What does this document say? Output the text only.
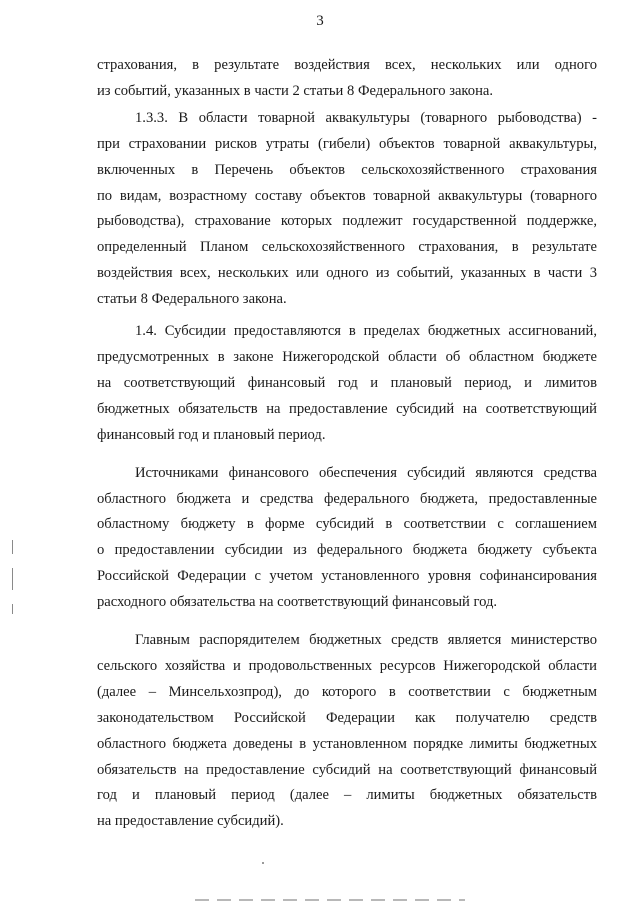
3

страхования, в результате воздействия всех, нескольких или одного
из событий, указанных в части 2 статьи 8 Федерального закона.

1.3.3. В области товарной аквакультуры (товарного рыбоводства) -
при страховании рисков утраты (гибели) объектов товарной аквакультуры,
включенных в Перечень объектов сельскохозяйственного страхования
по видам, возрастному составу объектов товарной аквакультуры (товарного
рыбоводства), страхование которых подлежит государственной поддержке,
определенный Планом сельскохозяйственного страхования, в результате
воздействия всех, нескольких или одного из событий, указанных в части 3
статьи 8 Федерального закона.

1.4. Субсидии предоставляются в пределах бюджетных ассигнований,
предусмотренных в законе Нижегородской области об областном бюджете
на соответствующий финансовый год и плановый период, и лимитов
бюджетных обязательств на предоставление субсидий на соответствующий
финансовый год и плановый период.

Источниками финансового обеспечения субсидий являются средства
областного бюджета и средства федерального бюджета, предоставленные
областному бюджету в форме субсидий в соответствии с соглашением
о предоставлении субсидии из федерального бюджета бюджету субъекта
Российской Федерации с учетом установленного уровня софинансирования
расходного обязательства на соответствующий финансовый год.

Главным распорядителем бюджетных средств является министерство
сельского хозяйства и продовольственных ресурсов Нижегородской области
(далее – Минсельхозпрод), до которого в соответствии с бюджетным
законодательством Российской Федерации как получателю средств
областного бюджета доведены в установленном порядке лимиты бюджетных
обязательств на предоставление субсидий на соответствующий финансовый
год и плановый период (далее – лимиты бюджетных обязательств
на предоставление субсидий).
